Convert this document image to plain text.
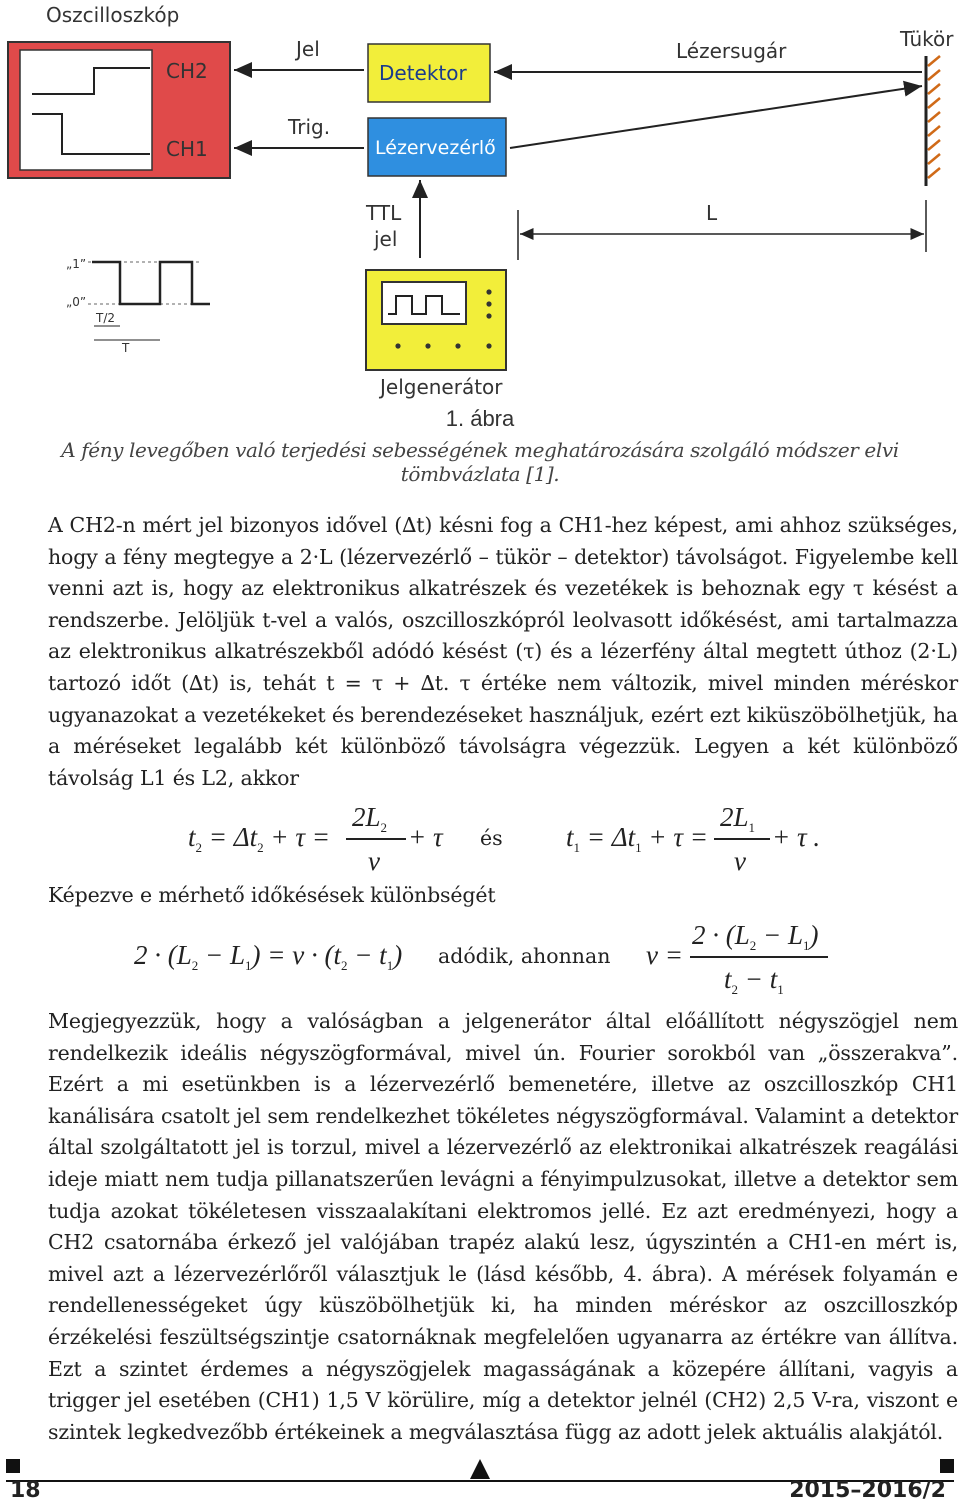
Oszcilloszkóp
CH2
CH1
Jel
Trig.
Detektor
Lézervezérlő
Lézersugár	Tükör
L
TTL
jel
„1”
„0”
T/2
T
Jelgenerátor
1. ábra
A fény levegőben való terjedési sebességének meghatározására szolgáló módszer elvi tömbvázlata [1].

A CH2-n mért jel bizonyos idővel (∆t) késni fog a CH1-hez képest, ami ahhoz szükséges, hogy a fény megtegye a 2·L (lézervezérlő – tükör – detektor) távolságot. Figyelembe kell venni azt is, hogy az elektronikus alkatrészek és vezetékek is behoznak egy τ késést a rendszerbe. Jelöljük t-vel a valós, oszcilloszkópról leolvasott időkésést, ami tartalmazza az elektronikus alkatrészekből adódó késést (τ) és a lézerfény által megtett úthoz (2·L) tartozó időt (∆t) is, tehát t = τ + ∆t. τ értéke nem változik, mivel minden méréskor ugyanazokat a vezetékeket és berendezéseket használjuk, ezért ezt kiküszöbölhetjük, ha a méréseket legalább két különböző távolságra végezzük. Legyen a két különböző távolság L1 és L2, akkor

$t_2 = \Delta t_2 + \tau$ =
$2L_2$
v
+ τ és $t_1 = \Delta t_1 + \tau$ =
$2L_1$
v
+ τ .

Képezve e mérhető időkésések különbségét

$2 \cdot (L_2 - L_1) = v \cdot (t_2 - t_1)$ adódik, ahonnan v =
$2 \cdot (L_2 - L_1)$
$t_2 - t_1$

Megjegyezzük, hogy a valóságban a jelgenerátor által előállított négyszögjel nem rendelkezik ideális négyszögformával, mivel ún. Fourier sorokból van „összerakva”. Ezért a mi esetünkben is a lézervezérlő bemenetére, illetve az oszcilloszkóp CH1 kanálisára csatolt jel sem rendelkezhet tökéletes négyszögformával. Valamint a detektor által szolgáltatott jel is torzul, mivel a lézervezérlő az elektronikai alkatrészek reagálási ideje miatt nem tudja pillanatszerűen levágni a fényimpulzusokat, illetve a detektor sem tudja azokat tökéletesen visszaalakítani elektromos jellé. Ez azt eredményezi, hogy a CH2 csatornába érkező jel valójában trapéz alakú lesz, úgyszintén a CH1-en mért is, mivel azt a lézervezérlőről választjuk le (lásd később, 4. ábra). A mérések folyamán e rendellenességeket úgy küszöbölhetjük ki, ha minden méréskor az oszcilloszkóp érzékelési feszültségszintje csatornáknak megfelelően ugyanarra az értékre van állítva. Ezt a szintet érdemes a négyszögjelek magasságának a közepére állítani, vagyis a trigger jel esetében (CH1) 1,5 V körülire, míg a detektor jelnél (CH2) 2,5 V-ra, viszont e szintek legkedvezőbb értékeinek a megválasztása függ az adott jelek aktuális alakjától.

18	2015–2016/2
